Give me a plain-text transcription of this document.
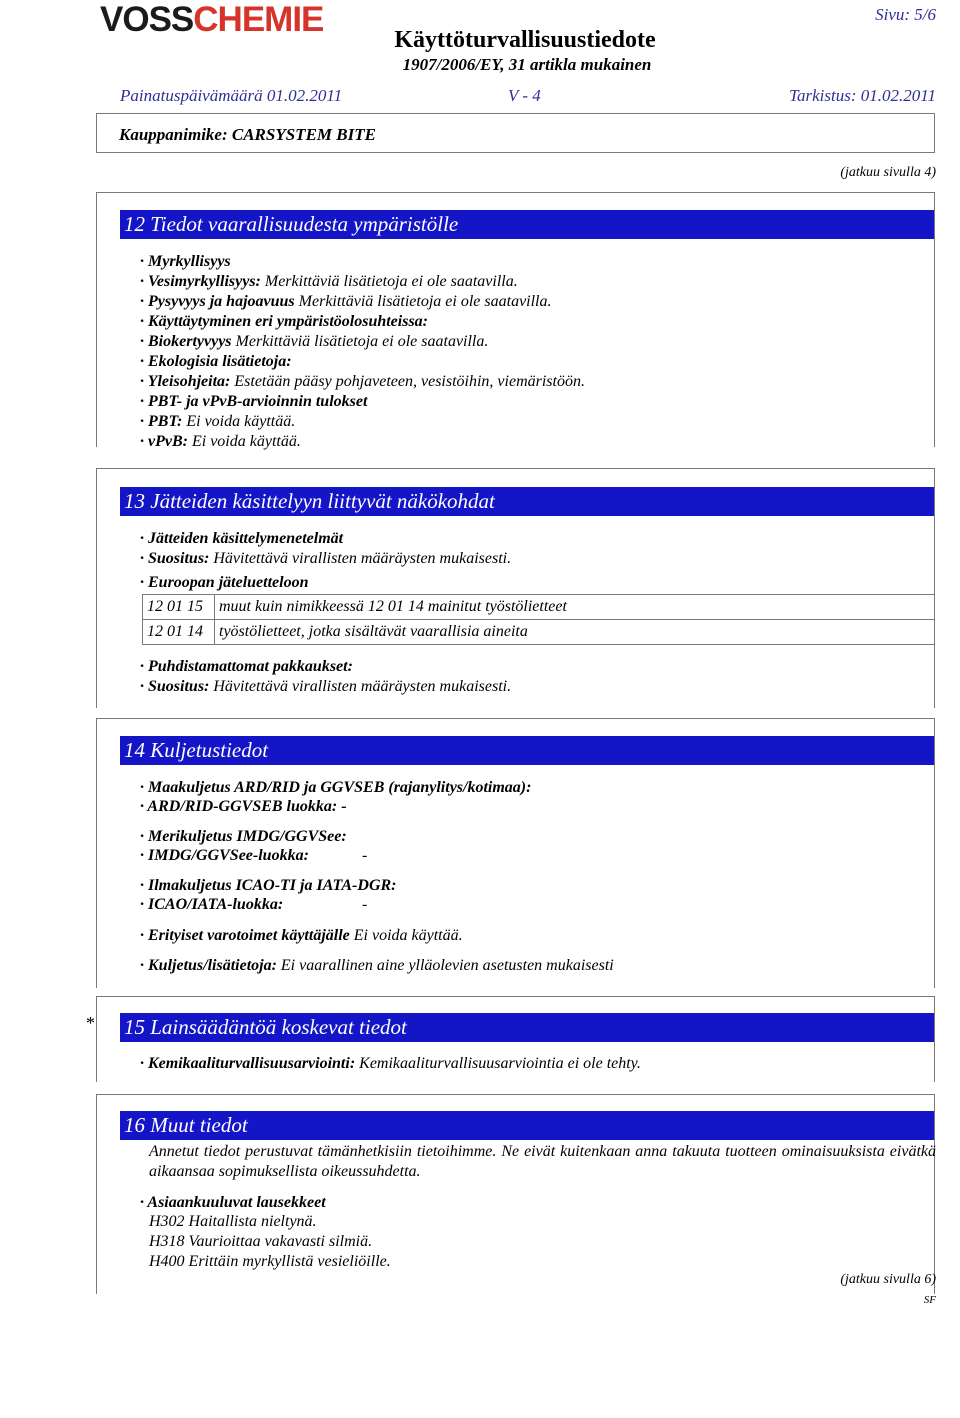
VOSSCHEMIE
Käyttöturvallisuustiedote
1907/2006/EY, 31 artikla mukainen
Sivu: 5/6
Painatuspäivämäärä 01.02.2011	V - 4	Tarkistus: 01.02.2011
Kauppanimike: CARSYSTEM BITE
(jatkuu sivulla 4)
12 Tiedot vaarallisuudesta ympäristölle
· Myrkyllisyys
· Vesimyrkyllisyys: Merkittäviä lisätietoja ei ole saatavilla.
· Pysyvyys ja hajoavuus Merkittäviä lisätietoja ei ole saatavilla.
· Käyttäytyminen eri ympäristöolosuhteissa:
· Biokertyvyys Merkittäviä lisätietoja ei ole saatavilla.
· Ekologisia lisätietoja:
· Yleisohjeita: Estetään pääsy pohjaveteen, vesistöihin, viemäristöön.
· PBT- ja vPvB-arvioinnin tulokset
· PBT: Ei voida käyttää.
· vPvB: Ei voida käyttää.
13 Jätteiden käsittelyyn liittyvät näkökohdat
· Jätteiden käsittelymenetelmät
· Suositus: Hävitettävä virallisten määräysten mukaisesti.
· Euroopan jäteluetteloon
· Puhdistamattomat pakkaukset:
· Suositus: Hävitettävä virallisten määräysten mukaisesti.
12 01 15	muut kuin nimikkeessä 12 01 14 mainitut työstölietteet
12 01 14	työstölietteet, jotka sisältävät vaarallisia aineita
14 Kuljetustiedot
· Maakuljetus ARD/RID ja GGVSEB (rajanylitys/kotimaa):
· ARD/RID-GGVSEB luokka: -
· Merikuljetus IMDG/GGVSee:
· IMDG/GGVSee-luokka:	-
· Ilmakuljetus ICAO-TI ja IATA-DGR:
· ICAO/IATA-luokka:	-
· Erityiset varotoimet käyttäjälle Ei voida käyttää.
· Kuljetus/lisätietoja: Ei vaarallinen aine ylläolevien asetusten mukaisesti
* 15 Lainsäädäntöä koskevat tiedot
· Kemikaaliturvallisuusarviointi: Kemikaaliturvallisuusarviointia ei ole tehty.
16 Muut tiedot
Annetut tiedot perustuvat tämänhetkisiin tietoihimme. Ne eivät kuitenkaan anna takuuta tuotteen ominaisuuksista eivätkä aikaansaa sopimuksellista oikeussuhdetta.
· Asiaankuuluvat lausekkeet
H302 Haitallista nieltynä.
H318 Vaurioittaa vakavasti silmiä.
H400 Erittäin myrkyllistä vesieliöille.
(jatkuu sivulla 6)
SF
